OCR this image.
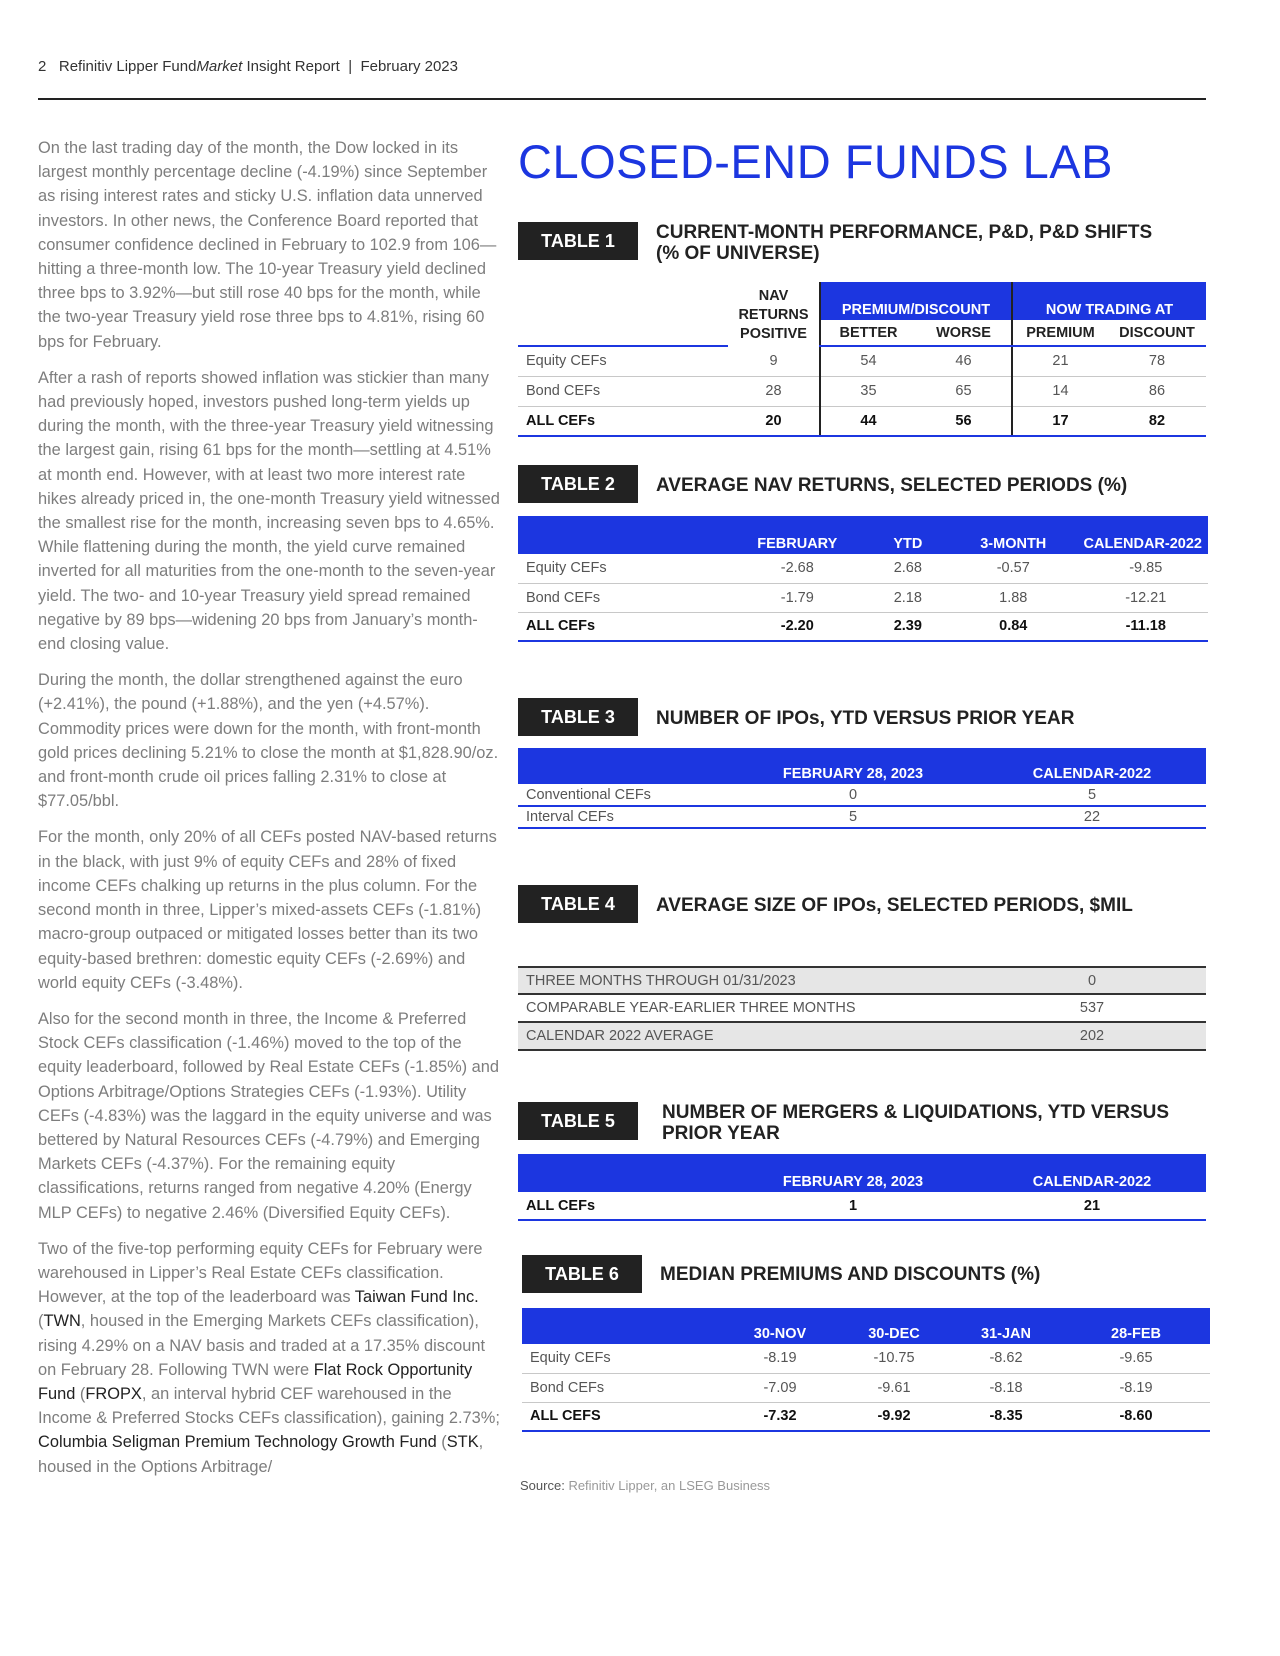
2 Refinitiv Lipper FundMarket Insight Report | February 2023

On the last trading day of the month, the Dow locked in its largest monthly percentage decline (-4.19%) since September as rising interest rates and sticky U.S. inflation data unnerved investors. In other news, the Conference Board reported that consumer confidence declined in February to 102.9 from 106—hitting a three-month low. The 10-year Treasury yield declined three bps to 3.92%—but still rose 40 bps for the month, while the two-year Treasury yield rose three bps to 4.81%, rising 60 bps for February.

After a rash of reports showed inflation was stickier than many had previously hoped, investors pushed long-term yields up during the month, with the three-year Treasury yield witnessing the largest gain, rising 61 bps for the month—settling at 4.51% at month end. However, with at least two more interest rate hikes already priced in, the one-month Treasury yield witnessed the smallest rise for the month, increasing seven bps to 4.65%. While flattening during the month, the yield curve remained inverted for all maturities from the one-month to the seven-year yield. The two- and 10-year Treasury yield spread remained negative by 89 bps—widening 20 bps from January’s month-end closing value.

During the month, the dollar strengthened against the euro (+2.41%), the pound (+1.88%), and the yen (+4.57%). Commodity prices were down for the month, with front-month gold prices declining 5.21% to close the month at $1,828.90/oz. and front-month crude oil prices falling 2.31% to close at $77.05/bbl.

For the month, only 20% of all CEFs posted NAV-based returns in the black, with just 9% of equity CEFs and 28% of fixed income CEFs chalking up returns in the plus column. For the second month in three, Lipper’s mixed-assets CEFs (-1.81%) macro-group outpaced or mitigated losses better than its two equity-based brethren: domestic equity CEFs (-2.69%) and world equity CEFs (-3.48%).

Also for the second month in three, the Income & Preferred Stock CEFs classification (-1.46%) moved to the top of the equity leaderboard, followed by Real Estate CEFs (-1.85%) and Options Arbitrage/Options Strategies CEFs (-1.93%). Utility CEFs (-4.83%) was the laggard in the equity universe and was bettered by Natural Resources CEFs (-4.79%) and Emerging Markets CEFs (-4.37%). For the remaining equity classifications, returns ranged from negative 4.20% (Energy MLP CEFs) to negative 2.46% (Diversified Equity CEFs).

Two of the five-top performing equity CEFs for February were warehoused in Lipper’s Real Estate CEFs classification. However, at the top of the leaderboard was Taiwan Fund Inc. (TWN, housed in the Emerging Markets CEFs classification), rising 4.29% on a NAV basis and traded at a 17.35% discount on February 28. Following TWN were Flat Rock Opportunity Fund (FROPX, an interval hybrid CEF warehoused in the Income & Preferred Stocks CEFs classification), gaining 2.73%; Columbia Seligman Premium Technology Growth Fund (STK, housed in the Options Arbitrage/

CLOSED-END FUNDS LAB
TABLE 1	CURRENT-MONTH PERFORMANCE, P&D, P&D SHIFTS
(% OF UNIVERSE)

	NAV
RETURNS
POSITIVE	PREMIUM/DISCOUNT		NOW TRADING AT	
		BETTER	WORSE	PREMIUM	DISCOUNT
Equity CEFs	9	54	46	21	78
Bond CEFs	28	35	65	14	86
ALL CEFs	20	44	56	17	82
TABLE 2	AVERAGE NAV RETURNS, SELECTED PERIODS (%)
	FEBRUARY	YTD	3-MONTH	CALENDAR-2022
Equity CEFs	-2.68	2.68	-0.57	-9.85
Bond CEFs	-1.79	2.18	1.88	-12.21
ALL CEFs	-2.20	2.39	0.84	-11.18
TABLE 3	NUMBER OF IPOs, YTD VERSUS PRIOR YEAR
	FEBRUARY 28, 2023	CALENDAR-2022
Conventional CEFs	0	5
Interval CEFs	5	22
TABLE 4	AVERAGE SIZE OF IPOs, SELECTED PERIODS, $MIL
THREE MONTHS THROUGH 01/31/2023	0
COMPARABLE YEAR-EARLIER THREE MONTHS	537
CALENDAR 2022 AVERAGE	202
TABLE 5	NUMBER OF MERGERS & LIQUIDATIONS, YTD VERSUS
PRIOR YEAR
	FEBRUARY 28, 2023	CALENDAR-2022
ALL CEFs	1	21
TABLE 6	MEDIAN PREMIUMS AND DISCOUNTS (%)
	30-NOV	30-DEC	31-JAN	28-FEB
Equity CEFs	-8.19	-10.75	-8.62	-9.65
Bond CEFs	-7.09	-9.61	-8.18	-8.19
ALL CEFS	-7.32	-9.92	-8.35	-8.60
Source: Refinitiv Lipper, an LSEG Business
